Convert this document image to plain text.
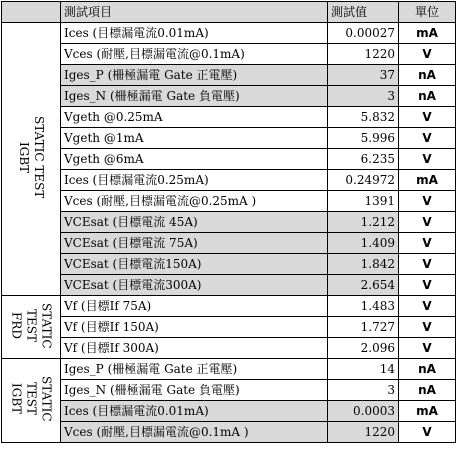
	測試項目	測試值	單位
STATIC TEST
IGBT	Ices (目標漏電流0.01mA)	0.00027	mA
	Vces (耐壓,目標漏電流@0.1mA)	1220	V
	Iges_P (柵極漏電 Gate 正電壓)	37	nA
	Iges_N (柵極漏電 Gate 負電壓)	3	nA
	Vgeth @0.25mA	5.832	V
	Vgeth @1mA	5.996	V
	Vgeth @6mA	6.235	V
	Ices (目標漏電流0.25mA)	0.24972	mA
	Vces (耐壓,目標漏電流@0.25mA )	1391	V
	VCEsat (目標電流 45A)	1.212	V
	VCEsat (目標電流 75A)	1.409	V
	VCEsat (目標電流150A)	1.842	V
	VCEsat (目標電流300A)	2.654	V
STATIC
TEST
FRD	Vf (目標If 75A)	1.483	V
	Vf (目標If 150A)	1.727	V
	Vf (目標If 300A)	2.096	V
STATIC
TEST
IGBT	Iges_P (柵極漏電 Gate 正電壓)	14	nA
	Iges_N (柵極漏電 Gate 負電壓)	3	nA
	Ices (目標漏電流0.01mA)	0.0003	mA
	Vces (耐壓,目標漏電流@0.1mA )	1220	V
